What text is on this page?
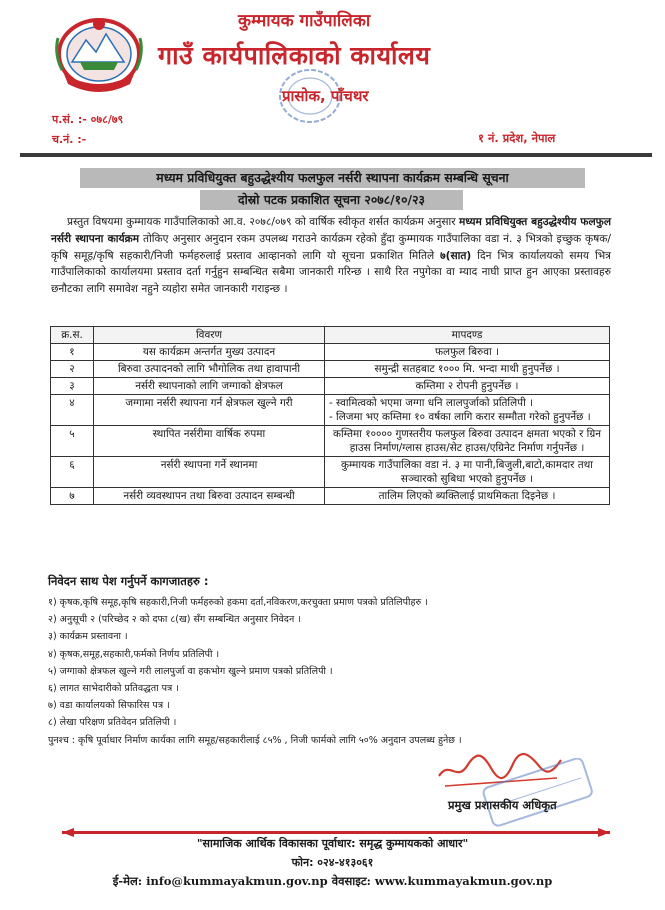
कुम्मायक गाउँपालिका
गाउँ कार्यपालिकाको कार्यालय
प्रासोक, पाँचथर
प.सं. :- ०७८/७९
च.नं. :-	१ नं. प्रदेश, नेपाल
मध्यम प्रविधियुक्त बहुउद्धेश्यीय फलफुल नर्सरी स्थापना कार्यक्रम सम्बन्धि सूचना
दोस्रो पटक प्रकाशित सूचना २०७८/१०/२३

प्रस्तुत विषयमा कुम्मायक गाउँपालिकाको आ.व. २०७८/०७९ को वार्षिक स्वीकृत शर्सत कार्यक्रम अनुसार मध्यम प्रविधियुक्त बहुउद्धेश्यीय फलफुल नर्सरी स्थापना कार्यक्रम तोकिए अनुसार अनुदान रकम उपलब्ध गराउने कार्यक्रम रहेको हुँदा कुम्मायक गाउँपालिका वडा नं. ३ भित्रको इच्छुक कृषक/कृषि समूह/कृषि सहकारी/निजी फर्महरुलाई प्रस्ताव आव्हानको लागि यो सूचना प्रकाशित मितिले ७(सात) दिन भित्र कार्यालयको समय भित्र गाउँपालिकाको कार्यालयमा प्रस्ताव दर्ता गर्नुहुन सम्बन्धित सबैमा जानकारी गरिन्छ । साथै रित नपुगेका वा म्याद नाघी प्राप्त हुन आएका प्रस्तावहरु छनौटका लागि समावेश नहुने व्यहोरा समेत जानकारी गराइन्छ ।

क्र.स.	विवरण	मापदण्ड
१	यस कार्यक्रम अन्तर्गत मुख्य उत्पादन	फलफुल बिरुवा ।
२	बिरुवा उत्पादनको लागि भौगोलिक तथा हावापानी	समुन्द्री सतहबाट १००० मि. भन्दा माथी हुनुपर्नेछ ।
३	नर्सरी स्थापनाको लागि जग्गाको क्षेत्रफल	कम्तिमा २ रोपनी हुनुपर्नेछ ।
४	जग्गामा नर्सरी स्थापना गर्न क्षेत्रफल खुल्ने गरी	- स्वामित्वको भएमा जग्गा धनि लालपुर्जाको प्रतिलिपी ।
- लिजमा भए कम्तिमा १० वर्षका लागि करार सम्मौता गरेको हुनुपर्नेछ ।

५	स्थापित नर्सरीमा वार्षिक रुपमा	कम्तिमा १०००० गुणस्तरीय फलफुल बिरुवा उत्पादन क्षमता भएको र ग्रिन हाउस निर्माण/ग्लास हाउस/सेट हाउस/एग्रिनेट निर्माण गर्नुपर्नेछ ।
६	नर्सरी स्थापना गर्ने स्थानमा	कुम्मायक गाउँपालिका वडा नं. ३ मा पानी,बिजुली,बाटो,कामदार तथा सञ्चारको सुबिधा भएको हुनुपर्नेछ ।
७	नर्सरी व्यवस्थापन तथा बिरुवा उत्पादन सम्बन्धी	तालिम लिएको ब्यक्तिलाई प्राथमिकता दिइनेछ ।
निवेदन साथ पेश गर्नुपर्ने कागजातहरु :
१) कृषक,कृषि समूह,कृषि सहकारी,निजी फर्महरुको हकमा दर्ता,नविकरण,करचुक्ता प्रमाण पत्रको प्रतिलिपीहरु ।
२) अनुसूची २ (परिच्छेद २ को दफा ८(ख) सँग सम्बन्धित अनुसार निवेदन ।
३) कार्यक्रम प्रस्तावना ।
४) कृषक,समूह,सहकारी,फर्मको निर्णय प्रतिलिपी ।
५) जग्गाको क्षेत्रफल खुल्ने गरी लालपुर्जा वा हकभोग खुल्ने प्रमाण पत्रको प्रतिलिपी ।
६) लागत साभेदारीको प्रतिवद्धता पत्र ।
७) वडा कार्यालयको सिफारिस पत्र ।
८) लेखा परिक्षण प्रतिवेदन प्रतिलिपी ।
पुनश्च : कृषि पूर्वाधार निर्माण कार्यका लागि समूह/सहकारीलाई ८५% , निजी फार्मको लागि ५०% अनुदान उपलब्ध हुनेछ ।
प्रमुख प्रशासकीय अधिकृत
"सामाजिक आर्थिक विकासका पूर्वाधार: समृद्ध कुम्मायकको आधार"
फोन: ०२४-४१३०६१
ई-मेल: info@kummayakmun.gov.np वेवसाइट: www.kummayakmun.gov.np
